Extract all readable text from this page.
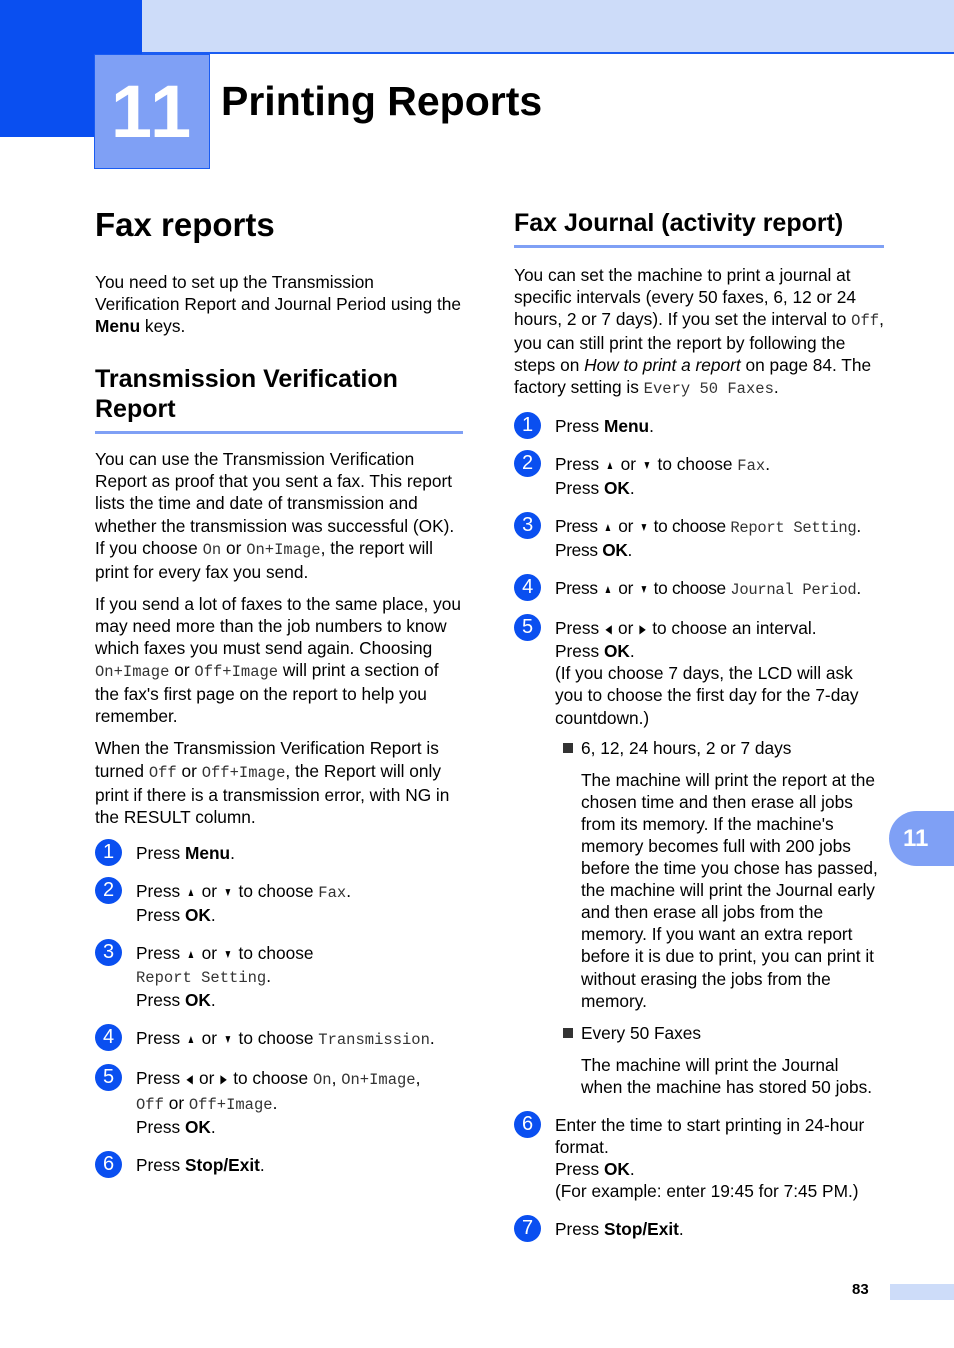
11 Printing Reports
11
Fax reports

You need to set up the Transmission Verification Report and Journal Period using the Menu keys.

Transmission Verification Report

You can use the Transmission Verification Report as proof that you sent a fax. This report lists the time and date of transmission and whether the transmission was successful (OK). If you choose On or On+Image, the report will print for every fax you send.

If you send a lot of faxes to the same place, you may need more than the job numbers to know which faxes you must send again. Choosing On+Image or Off+Image will print a section of the fax's first page on the report to help you remember.

When the Transmission Verification Report is turned Off or Off+Image, the Report will only print if there is a transmission error, with NG in the RESULT column.

1	Press Menu.
2	Press ▲ or ▼ to choose Fax.
Press OK.
3	Press ▲ or ▼ to choose
Report Setting.
Press OK.
4	Press ▲ or ▼ to choose Transmission.
5	Press ◀ or ▶ to choose On, On+Image,
Off or Off+Image.
Press OK.
6	Press Stop/Exit.
Fax Journal (activity report)

You can set the machine to print a journal at specific intervals (every 50 faxes, 6, 12 or 24 hours, 2 or 7 days). If you set the interval to Off, you can still print the report by following the steps on How to print a report on page 84. The factory setting is Every 50 Faxes.

1	Press Menu.
2	Press ▲ or ▼ to choose Fax.
Press OK.
3	Press ▲ or ▼ to choose Report Setting.
Press OK.
4	Press ▲ or ▼ to choose Journal Period.
5	Press ◀ or ▶ to choose an interval.
Press OK.
(If you choose 7 days, the LCD will ask you to choose the first day for the 7-day countdown.)
6, 12, 24 hours, 2 or 7 days
The machine will print the report at the chosen time and then erase all jobs from its memory. If the machine's memory becomes full with 200 jobs before the time you chose has passed, the machine will print the Journal early and then erase all jobs from the memory. If you want an extra report before it is due to print, you can print it without erasing the jobs from the memory.
Every 50 Faxes
The machine will print the Journal when the machine has stored 50 jobs.
6	Enter the time to start printing in 24-hour format.
Press OK.
(For example: enter 19:45 for 7:45 PM.)
7	Press Stop/Exit.
83
